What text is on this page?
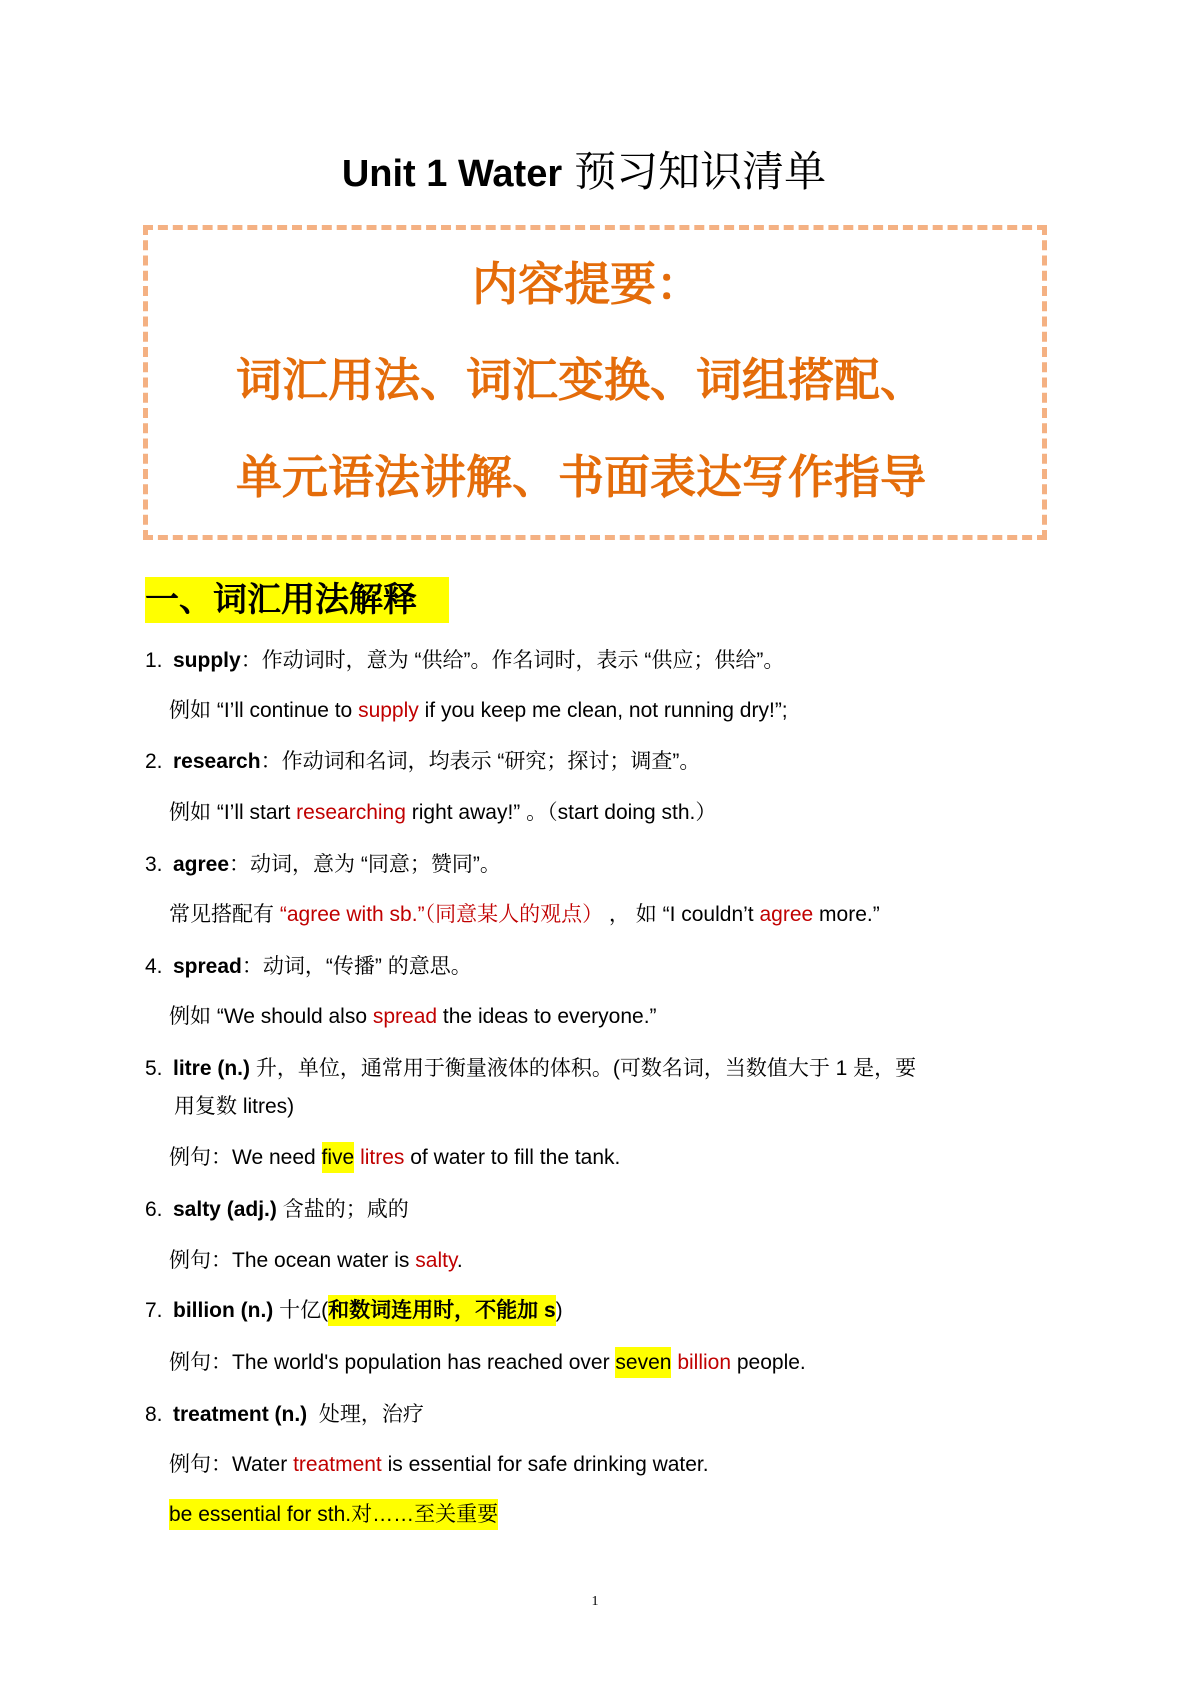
Unit 1 Water 预习知识清单
内容提要：
词汇用法、词汇变换、词组搭配、
单元语法讲解、书面表达写作指导
一、词汇用法解释
1. supply：作动词时，意为 “供给”。作名词时，表示 “供应；供给”。
例如 “I’ll continue to supply if you keep me clean, not running dry!”;
2. research：作动词和名词，均表示 “研究；探讨；调查”。
例如 “I’ll start researching right away!” 。（start doing sth.）
3. agree：动词，意为 “同意；赞同”。
常见搭配有 “agree with sb.”（同意某人的观点） ， 如 “I couldn’t agree more.”
4. spread：动词，“传播” 的意思。
例如 “We should also spread the ideas to everyone.”
5. litre (n.) 升，单位，通常用于衡量液体的体积。(可数名词，当数值大于 1 是，要
用复数 litres)
例句：We need five litres of water to fill the tank.
6. salty (adj.) 含盐的；咸的
例句：The ocean water is salty.
7. billion (n.) 十亿(和数词连用时，不能加 s)
例句：The world's population has reached over seven billion people.
8. treatment (n.)  处理，治疗
例句：Water treatment is essential for safe drinking water.
be essential for sth.对……至关重要
1
